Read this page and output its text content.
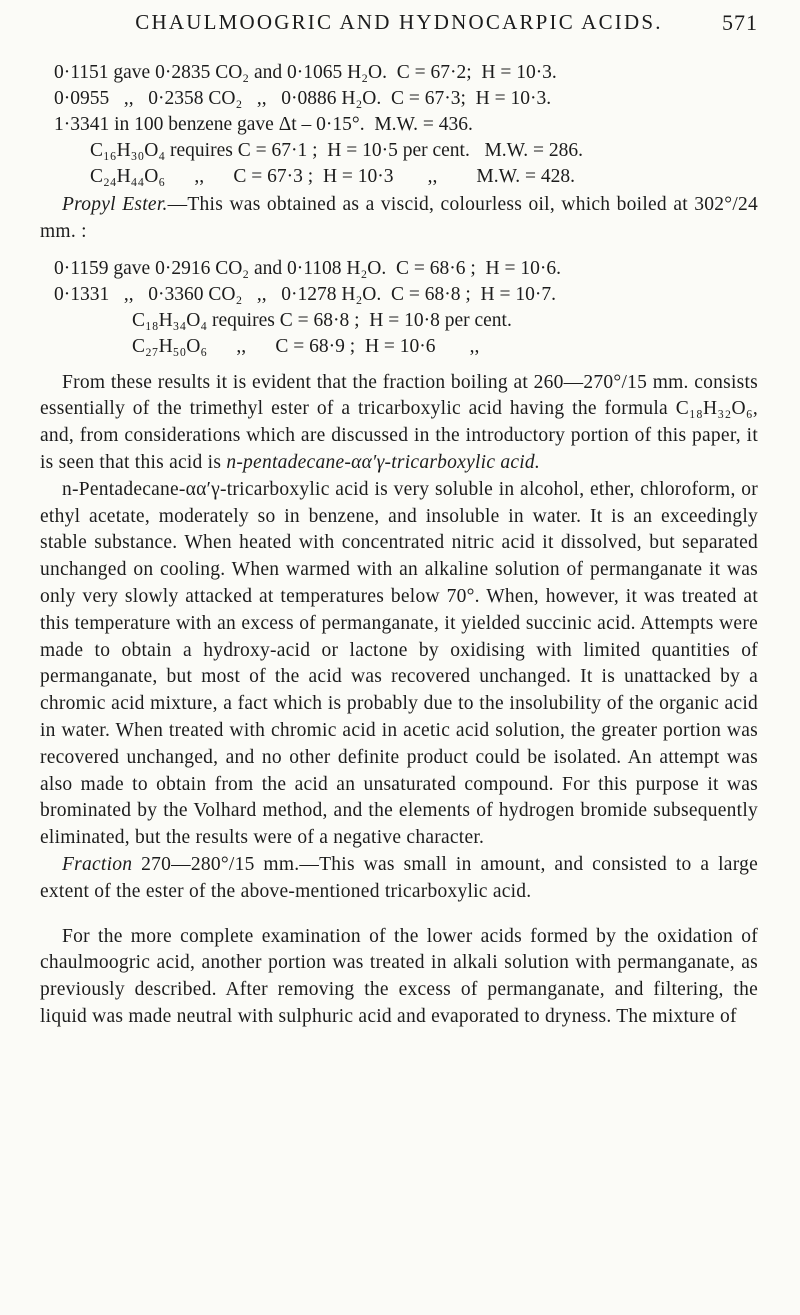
CHAULMOOGRIC AND HYDNOCARPIC ACIDS.	571
0·1151 gave 0·2835 CO₂ and 0·1065 H₂O.  C = 67·2;  H = 10·3.
0·0955   ,,   0·2358 CO₂   ,,   0·0886 H₂O.  C = 67·3;  H = 10·3.
1·3341 in 100 benzene gave Δt – 0·15°.  M.W. = 436.
C₁₆H₃₀O₄ requires C = 67·1 ;  H = 10·5 per cent.   M.W. = 286.
C₂₄H₄₄O₆      ,,      C = 67·3 ;  H = 10·3       ,,        M.W. = 428.

Propyl Ester.—This was obtained as a viscid, colourless oil, which boiled at 302°/24 mm. :

0·1159 gave 0·2916 CO₂ and 0·1108 H₂O.  C = 68·6 ;  H = 10·6.
0·1331   ,,   0·3360 CO₂   ,,   0·1278 H₂O.  C = 68·8 ;  H = 10·7.
C₁₈H₃₄O₄ requires C = 68·8 ;  H = 10·8 per cent.
C₂₇H₅₀O₆      ,,      C = 68·9 ;  H = 10·6       ,,

From these results it is evident that the fraction boiling at 260—270°/15 mm. consists essentially of the trimethyl ester of a tricarboxylic acid having the formula C₁₈H₃₂O₆, and, from considerations which are discussed in the introductory portion of this paper, it is seen that this acid is n-pentadecane-αα′γ-tricarboxylic acid.

n-Pentadecane-αα′γ-tricarboxylic acid is very soluble in alcohol, ether, chloroform, or ethyl acetate, moderately so in benzene, and insoluble in water. It is an exceedingly stable substance. When heated with concentrated nitric acid it dissolved, but separated unchanged on cooling. When warmed with an alkaline solution of permanganate it was only very slowly attacked at temperatures below 70°. When, however, it was treated at this temperature with an excess of permanganate, it yielded succinic acid. Attempts were made to obtain a hydroxy-acid or lactone by oxidising with limited quantities of permanganate, but most of the acid was recovered unchanged. It is unattacked by a chromic acid mixture, a fact which is probably due to the insolubility of the organic acid in water. When treated with chromic acid in acetic acid solution, the greater portion was recovered unchanged, and no other definite product could be isolated. An attempt was also made to obtain from the acid an unsaturated compound. For this purpose it was brominated by the Volhard method, and the elements of hydrogen bromide subsequently eliminated, but the results were of a negative character.

Fraction 270—280°/15 mm.—This was small in amount, and consisted to a large extent of the ester of the above-mentioned tricarboxylic acid.

For the more complete examination of the lower acids formed by the oxidation of chaulmoogric acid, another portion was treated in alkali solution with permanganate, as previously described. After removing the excess of permanganate, and filtering, the liquid was made neutral with sulphuric acid and evaporated to dryness. The mixture of
